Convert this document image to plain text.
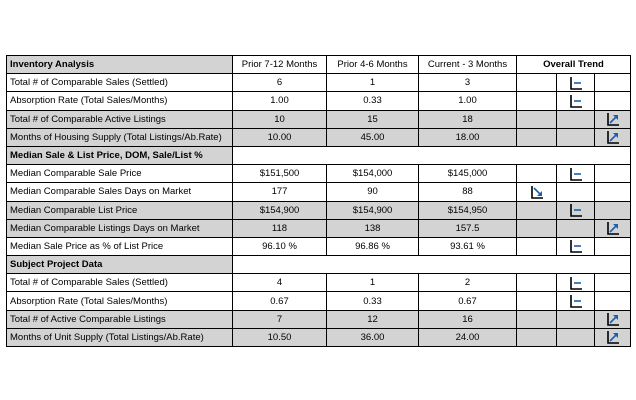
Inventory Analysis	Prior 7-12 Months	Prior 4-6 Months	Current - 3 Months	Overall Trend		
Total # of Comparable Sales (Settled)	6	1	3		

Absorption Rate (Total Sales/Months)	1.00	0.33	1.00		

Total # of Comparable Active Listings	10	15	18			

Months of Housing Supply (Total Listings/Ab.Rate)	10.00	45.00	18.00			

Median Sale & List Price, DOM, Sale/List %						
Median Comparable Sale Price	$151,500	$154,000	$145,000		

Median Comparable Sales Days on Market	177	90	88	

Median Comparable List Price	$154,900	$154,900	$154,950		

Median Comparable Listings Days on Market	118	138	157.5			

Median Sale Price as % of List Price	96.10 %	96.86 %	93.61 %		

Subject Project Data						
Total # of Comparable Sales (Settled)	4	1	2		

Absorption Rate (Total Sales/Months)	0.67	0.33	0.67		

Total # of Active Comparable Listings	7	12	16			

Months of Unit Supply (Total Listings/Ab.Rate)	10.50	36.00	24.00			
